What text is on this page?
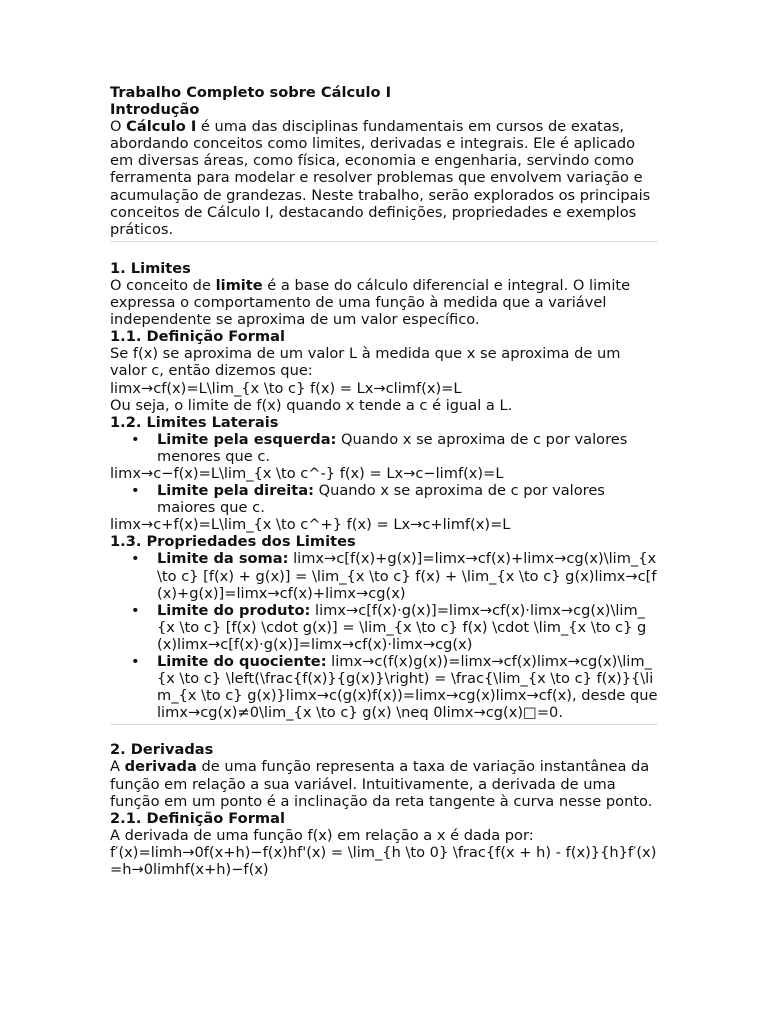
Trabalho Completo sobre Cálculo I

Introdução

O Cálculo I é uma das disciplinas fundamentais em cursos de exatas, abordando conceitos como limites, derivadas e integrais. Ele é aplicado em diversas áreas, como física, economia e engenharia, servindo como ferramenta para modelar e resolver problemas que envolvem variação e acumulação de grandezas. Neste trabalho, serão explorados os principais conceitos de Cálculo I, destacando definições, propriedades e exemplos práticos.

1. Limites

O conceito de limite é a base do cálculo diferencial e integral. O limite expressa o comportamento de uma função à medida que a variável independente se aproxima de um valor específico.

1.1. Definição Formal

Se f(x) se aproxima de um valor L à medida que x se aproxima de um valor c, então dizemos que:

limx→cf(x)=L\lim_{x \to c} f(x) = Lx→climf(x)=L

Ou seja, o limite de f(x) quando x tende a c é igual a L.

1.2. Limites Laterais

• Limite pela esquerda: Quando x se aproxima de c por valores menores que c.

limx→c−f(x)=L\lim_{x \to c^-} f(x) = Lx→c−limf(x)=L

• Limite pela direita: Quando x se aproxima de c por valores maiores que c.

limx→c+f(x)=L\lim_{x \to c^+} f(x) = Lx→c+limf(x)=L

1.3. Propriedades dos Limites

• Limite da soma: limx→c[f(x)+g(x)]=limx→cf(x)+limx→cg(x)\lim_{x \to c} [f(x) + g(x)] = \lim_{x \to c} f(x) + \lim_{x \to c} g(x)limx→c[f(x)+g(x)]=limx→cf(x)+limx→cg(x)
• Limite do produto: limx→c[f(x)⋅g(x)]=limx→cf(x)⋅limx→cg(x)\lim_{x \to c} [f(x) \cdot g(x)] = \lim_{x \to c} f(x) \cdot \lim_{x \to c} g(x)limx→c[f(x)⋅g(x)]=limx→cf(x)⋅limx→cg(x)
• Limite do quociente: limx→c(f(x)g(x))=limx→cf(x)limx→cg(x)\lim_{x \to c} \left(\frac{f(x)}{g(x)}\right) = \frac{\lim_{x \to c} f(x)}{\lim_{x \to c} g(x)}limx→c(g(x)f(x))=limx→cg(x)limx→cf(x), desde que limx→cg(x)≠0\lim_{x \to c} g(x) \neq 0limx→cg(x)□=0.

2. Derivadas

A derivada de uma função representa a taxa de variação instantânea da função em relação a sua variável. Intuitivamente, a derivada de uma função em um ponto é a inclinação da reta tangente à curva nesse ponto.

2.1. Definição Formal

A derivada de uma função f(x) em relação a x é dada por:

f′(x)=limh→0f(x+h)−f(x)hf'(x) = \lim_{h \to 0} \frac{f(x + h) - f(x)}{h}f′(x)=h→0limhf(x+h)−f(x)
